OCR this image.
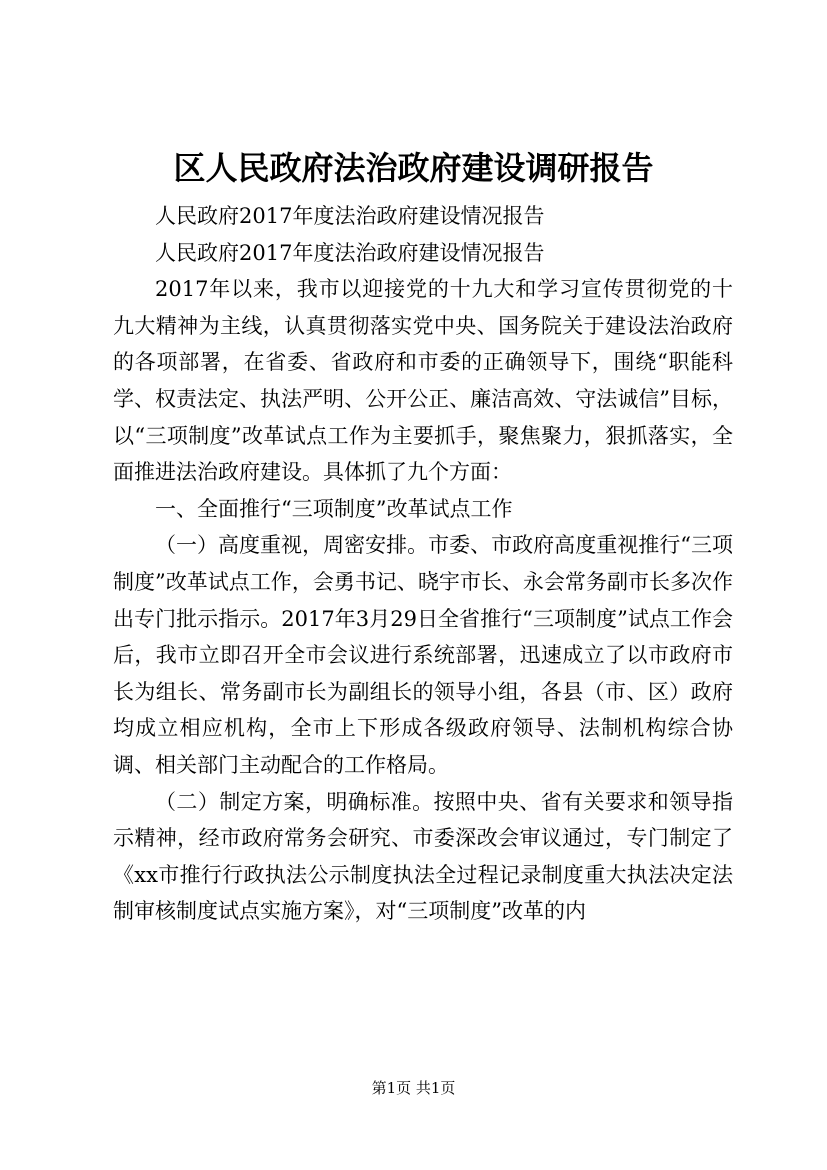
区人民政府法治政府建设调研报告

人民政府2017年度法治政府建设情况报告

人民政府2017年度法治政府建设情况报告

2017年以来，我市以迎接党的十九大和学习宣传贯彻党的十九大精神为主线，认真贯彻落实党中央、国务院关于建设法治政府的各项部署，在省委、省政府和市委的正确领导下，围绕“职能科学、权责法定、执法严明、公开公正、廉洁高效、守法诚信”目标，以“三项制度”改革试点工作为主要抓手，聚焦聚力，狠抓落实，全面推进法治政府建设。具体抓了九个方面：

一、全面推行“三项制度”改革试点工作

（一）高度重视，周密安排。市委、市政府高度重视推行“三项制度”改革试点工作，会勇书记、晓宇市长、永会常务副市长多次作出专门批示指示。2017年3月29日全省推行“三项制度”试点工作会后，我市立即召开全市会议进行系统部署，迅速成立了以市政府市长为组长、常务副市长为副组长的领导小组，各县（市、区）政府均成立相应机构，全市上下形成各级政府领导、法制机构综合协调、相关部门主动配合的工作格局。

（二）制定方案，明确标准。按照中央、省有关要求和领导指示精神，经市政府常务会研究、市委深改会审议通过，专门制定了《xx市推行行政执法公示制度执法全过程记录制度重大执法决定法制审核制度试点实施方案》，对“三项制度”改革的内

第1页 共1页
